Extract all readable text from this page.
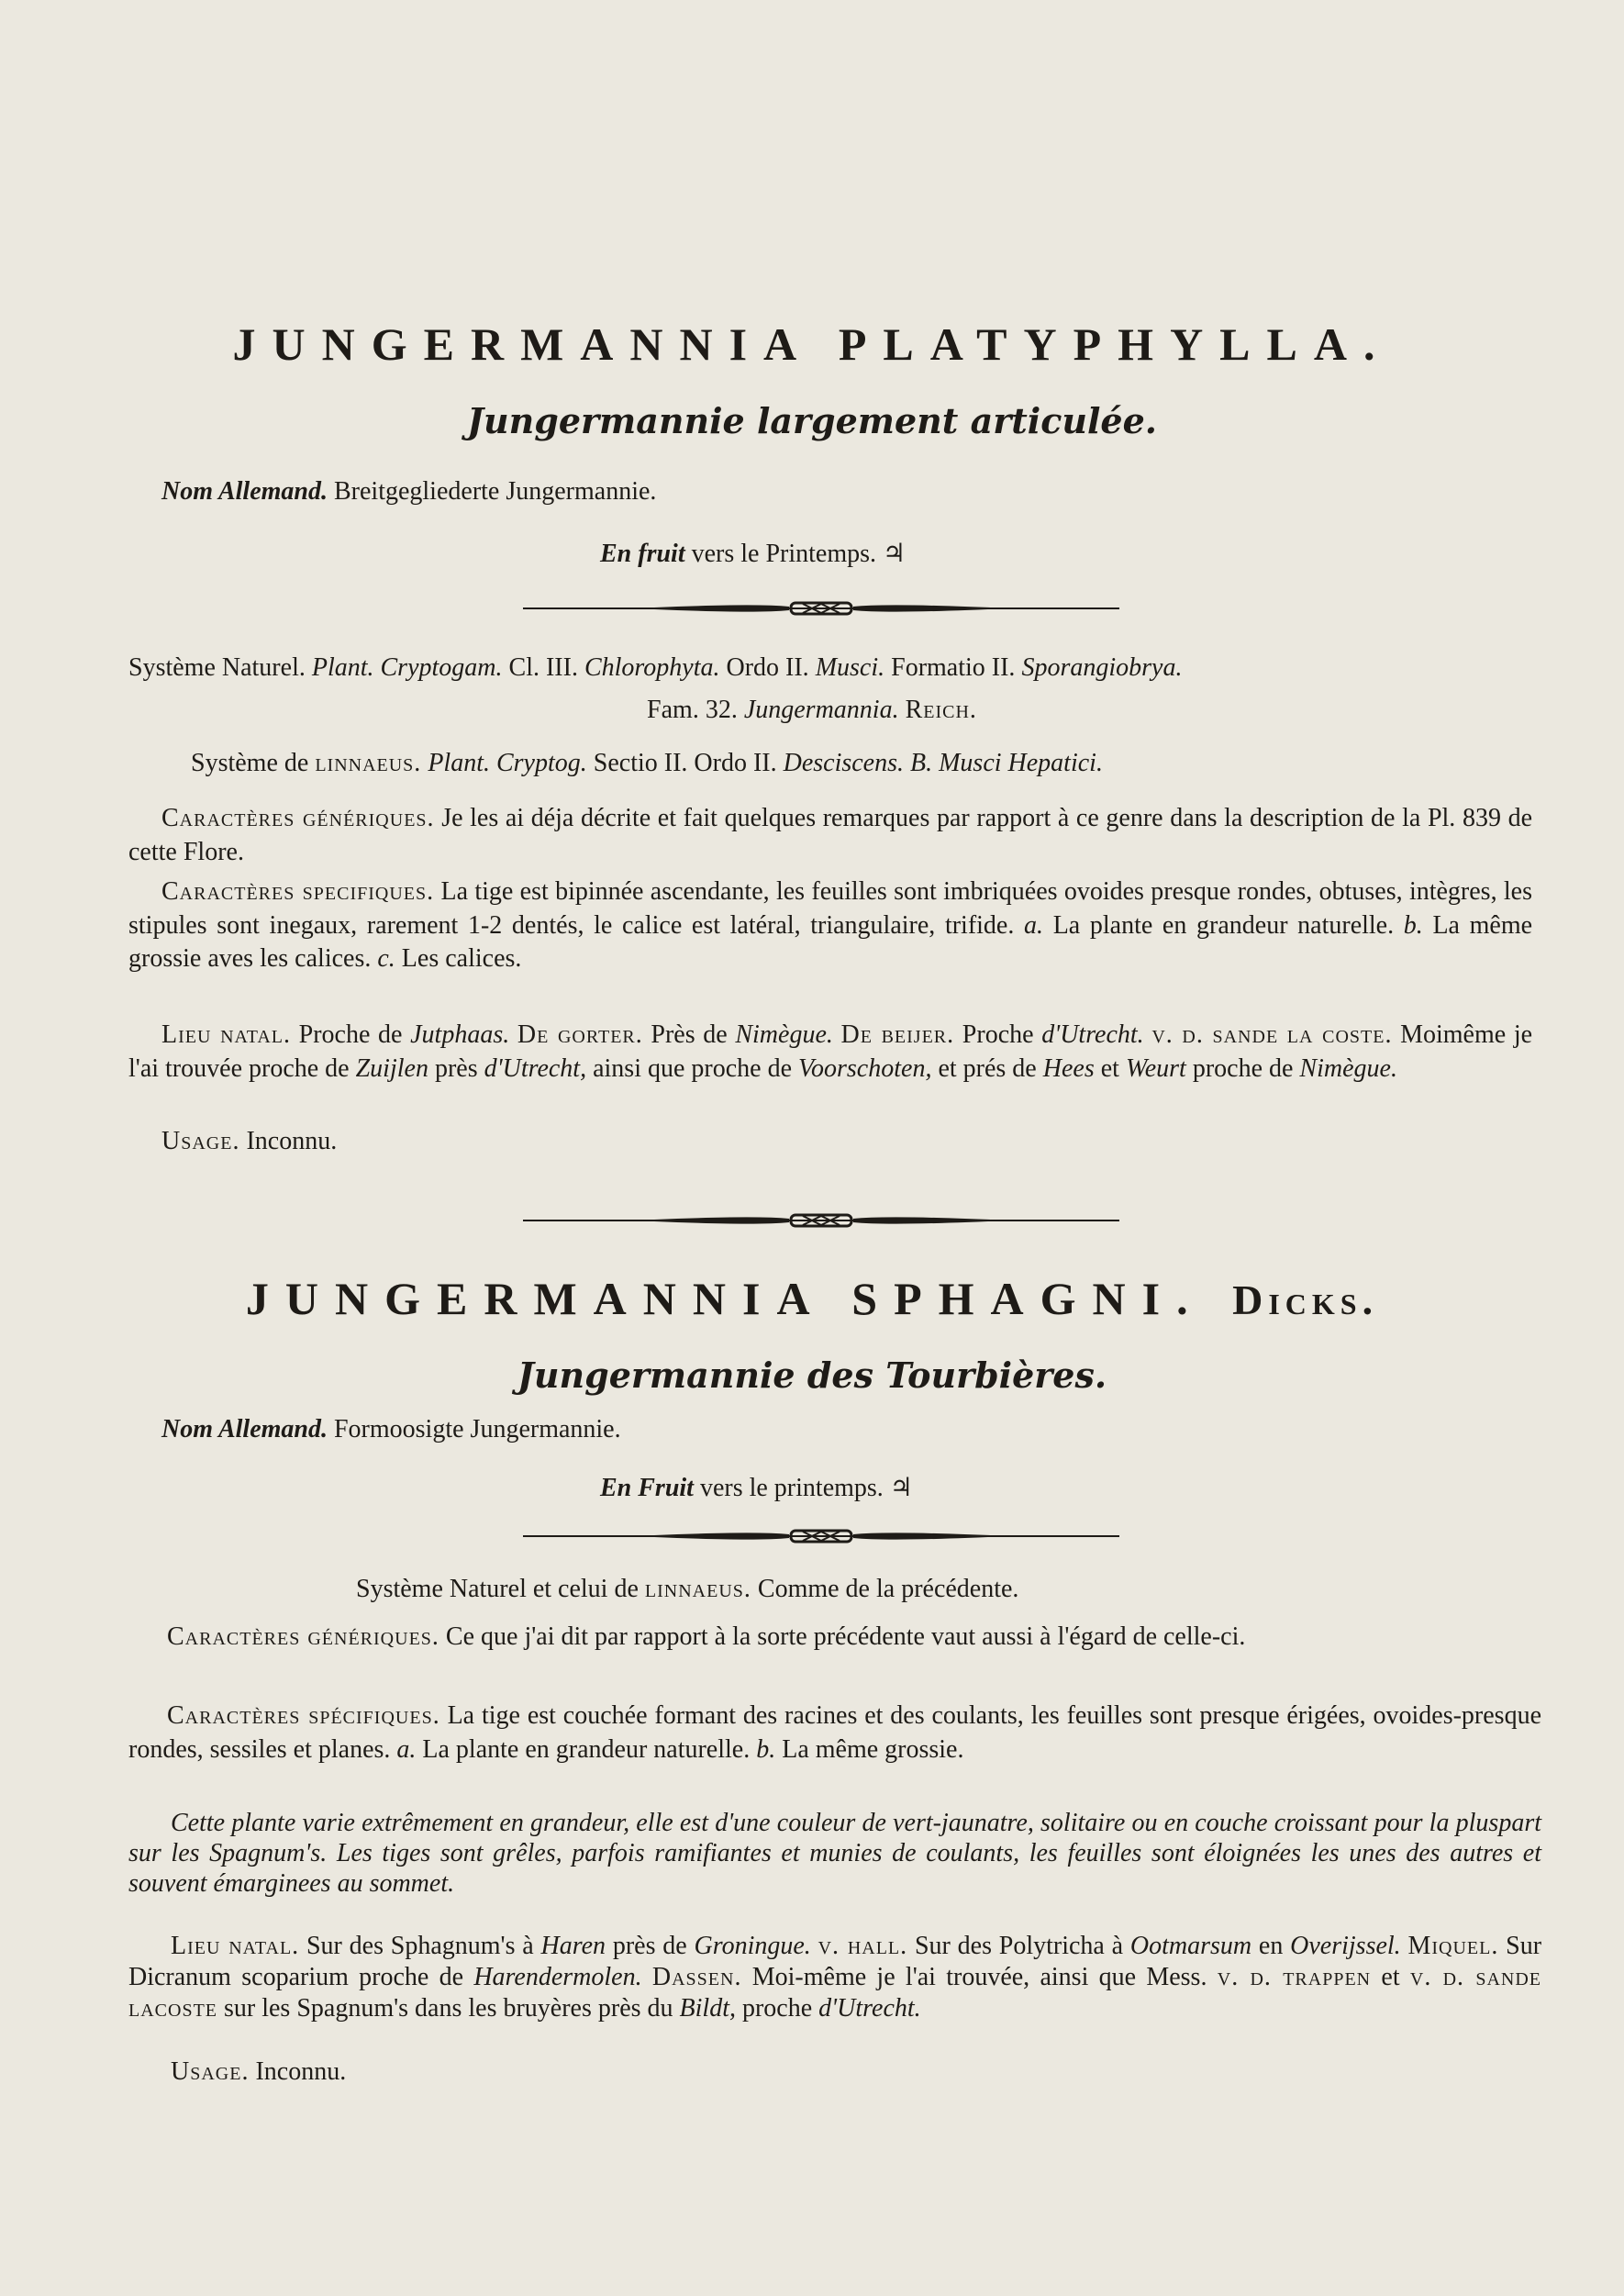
JUNGERMANNIA PLATYPHYLLA.
Jungermannie largement articulée.
Nom Allemand. Breitgegliederte Jungermannie.
En fruit vers le Printemps. ♃
Système Naturel. Plant. Cryptogam. Cl. III. Chlorophyta. Ordo II. Musci. Formatio II. Sporangiobrya.
Fam. 32. Jungermannia. Reich.
Système de linnaeus. Plant. Cryptog. Sectio II. Ordo II. Desciscens. B. Musci Hepatici.
Caractères génériques. Je les ai déja décrite et fait quelques remarques par rapport à ce genre dans la description de la Pl. 839 de cette Flore.
Caractères specifiques. La tige est bipinnée ascendante, les feuilles sont imbriquées ovoides presque rondes, obtuses, intègres, les stipules sont inegaux, rarement 1-2 dentés, le calice est latéral, triangulaire, trifide. a. La plante en grandeur naturelle. b. La même grossie aves les calices. c. Les calices.
Lieu natal. Proche de Jutphaas. De gorter. Près de Nimègue. De beijer. Proche d'Utrecht. v. d. sande la coste. Moimême je l'ai trouvée proche de Zuijlen près d'Utrecht, ainsi que proche de Voorschoten, et prés de Hees et Weurt proche de Nimègue.
Usage. Inconnu.
JUNGERMANNIA SPHAGNI. Dicks.
Jungermannie des Tourbières.
Nom Allemand. Formoosigte Jungermannie.
En Fruit vers le printemps. ♃
Système Naturel et celui de linnaeus. Comme de la précédente.
Caractères génériques. Ce que j'ai dit par rapport à la sorte précédente vaut aussi à l'égard de celle-ci.
Caractères spécifiques. La tige est couchée formant des racines et des coulants, les feuilles sont presque érigées, ovoides-presque rondes, sessiles et planes. a. La plante en grandeur naturelle. b. La même grossie.
Cette plante varie extrêmement en grandeur, elle est d'une couleur de vert-jaunatre, solitaire ou en couche croissant pour la pluspart sur les Spagnum's. Les tiges sont grêles, parfois ramifiantes et munies de coulants, les feuilles sont éloignées les unes des autres et souvent émarginees au sommet.
Lieu natal. Sur des Sphagnum's à Haren près de Groningue. v. hall. Sur des Polytricha à Ootmarsum en Overijssel. Miquel. Sur Dicranum scoparium proche de Harendermolen. Dassen. Moi-même je l'ai trouvée, ainsi que Mess. v. d. trappen et v. d. sande lacoste sur les Spagnum's dans les bruyères près du Bildt, proche d'Utrecht.
Usage. Inconnu.
